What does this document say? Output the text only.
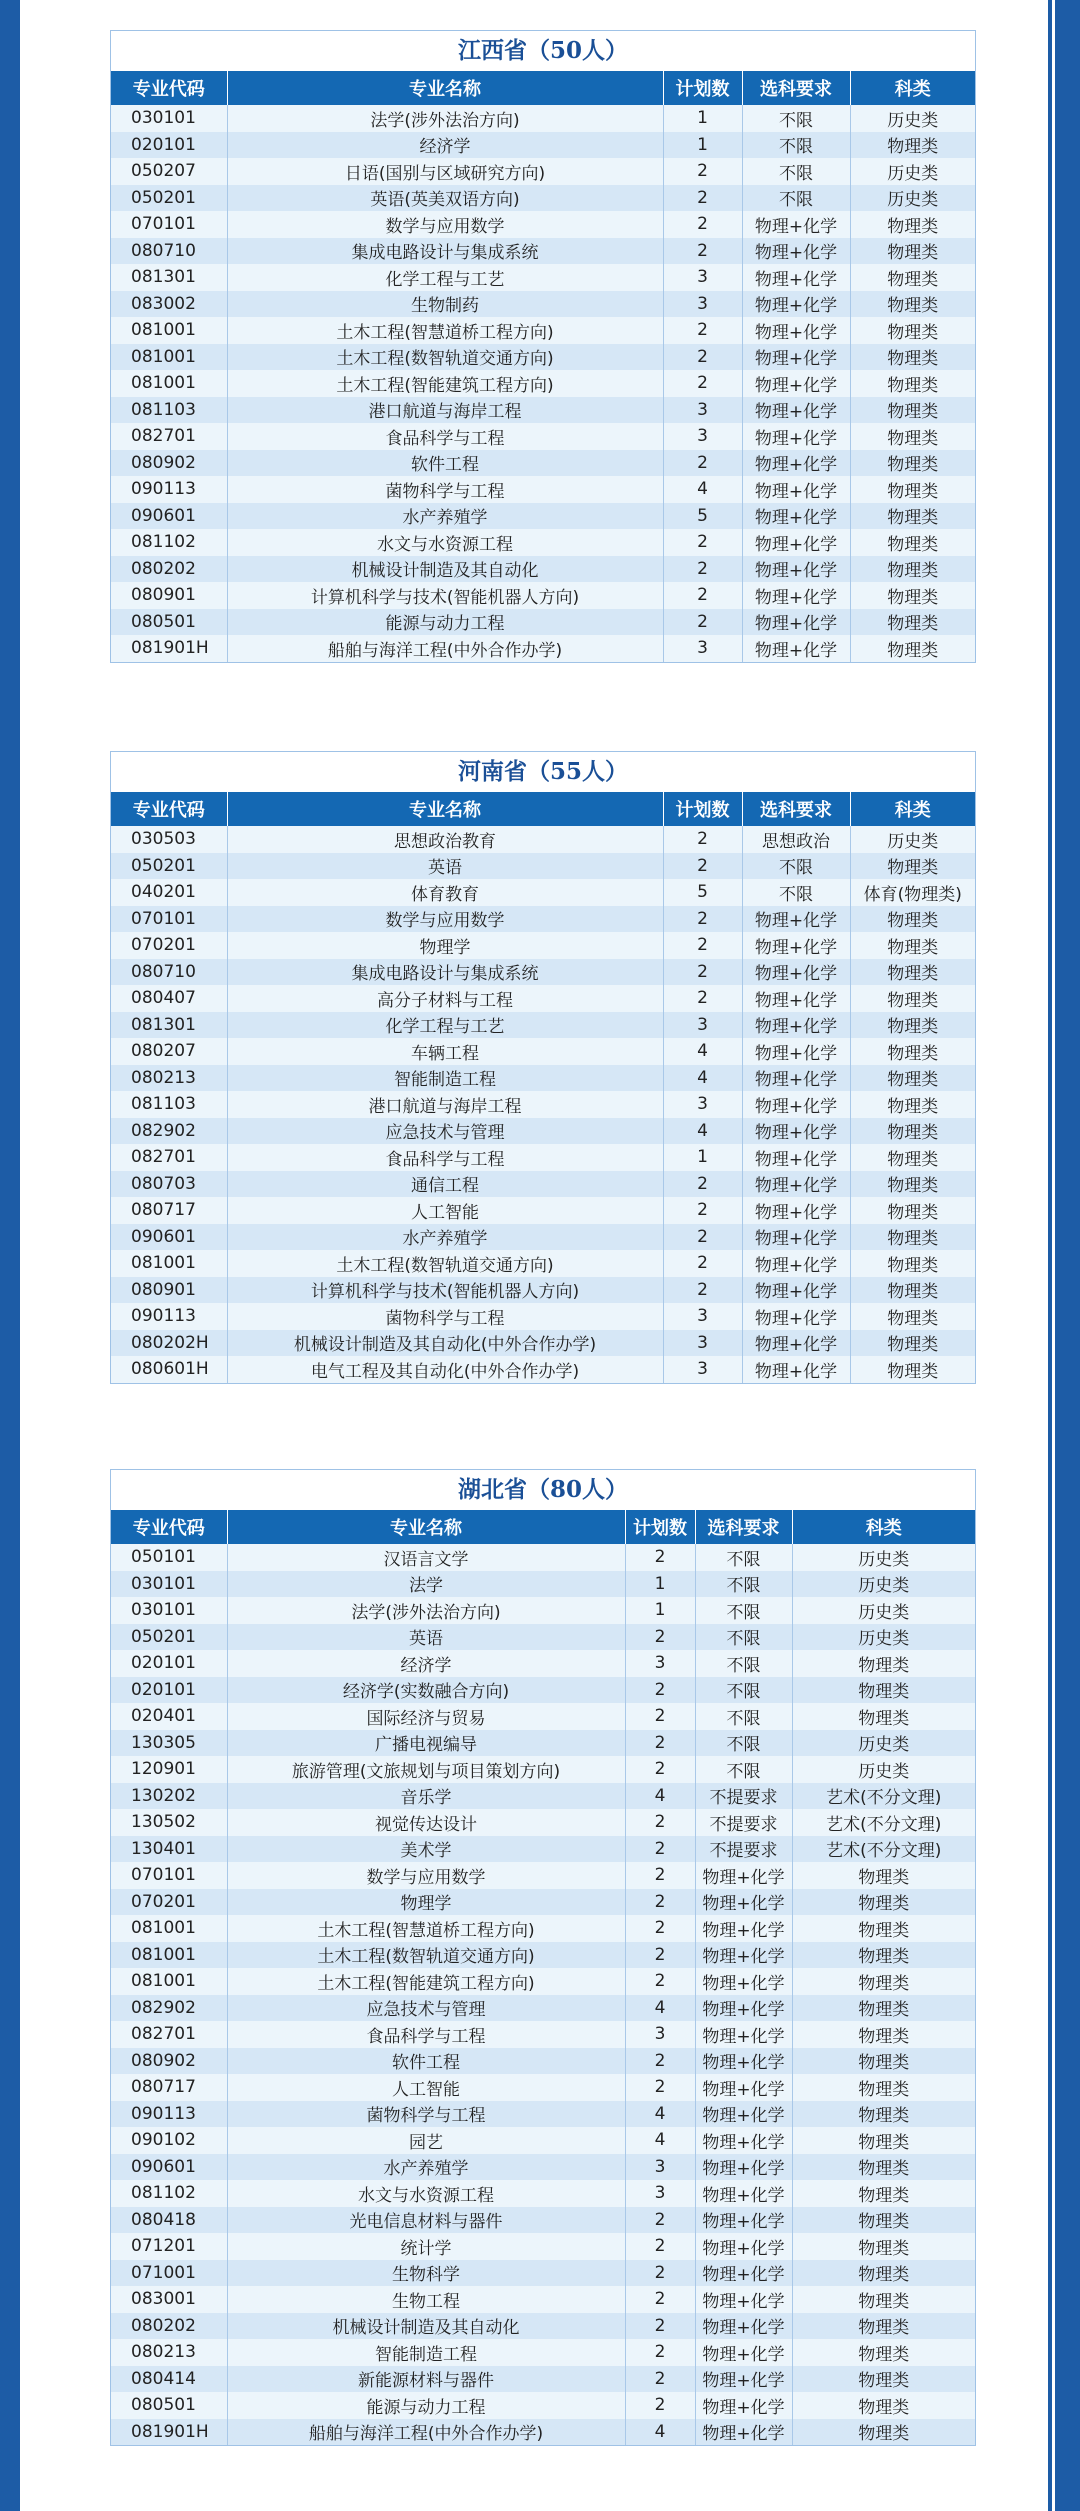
江西省（50人）
专业代码	专业名称	计划数	选科要求	科类
030101	法学(涉外法治方向)	1	不限	历史类
020101	经济学	1	不限	物理类
050207	日语(国别与区域研究方向)	2	不限	历史类
050201	英语(英美双语方向)	2	不限	历史类
070101	数学与应用数学	2	物理+化学	物理类
080710	集成电路设计与集成系统	2	物理+化学	物理类
081301	化学工程与工艺	3	物理+化学	物理类
083002	生物制药	3	物理+化学	物理类
081001	土木工程(智慧道桥工程方向)	2	物理+化学	物理类
081001	土木工程(数智轨道交通方向)	2	物理+化学	物理类
081001	土木工程(智能建筑工程方向)	2	物理+化学	物理类
081103	港口航道与海岸工程	3	物理+化学	物理类
082701	食品科学与工程	3	物理+化学	物理类
080902	软件工程	2	物理+化学	物理类
090113	菌物科学与工程	4	物理+化学	物理类
090601	水产养殖学	5	物理+化学	物理类
081102	水文与水资源工程	2	物理+化学	物理类
080202	机械设计制造及其自动化	2	物理+化学	物理类
080901	计算机科学与技术(智能机器人方向)	2	物理+化学	物理类
080501	能源与动力工程	2	物理+化学	物理类
081901H	船舶与海洋工程(中外合作办学)	3	物理+化学	物理类
河南省（55人）
专业代码	专业名称	计划数	选科要求	科类
030503	思想政治教育	2	思想政治	历史类
050201	英语	2	不限	物理类
040201	体育教育	5	不限	体育(物理类)
070101	数学与应用数学	2	物理+化学	物理类
070201	物理学	2	物理+化学	物理类
080710	集成电路设计与集成系统	2	物理+化学	物理类
080407	高分子材料与工程	2	物理+化学	物理类
081301	化学工程与工艺	3	物理+化学	物理类
080207	车辆工程	4	物理+化学	物理类
080213	智能制造工程	4	物理+化学	物理类
081103	港口航道与海岸工程	3	物理+化学	物理类
082902	应急技术与管理	4	物理+化学	物理类
082701	食品科学与工程	1	物理+化学	物理类
080703	通信工程	2	物理+化学	物理类
080717	人工智能	2	物理+化学	物理类
090601	水产养殖学	2	物理+化学	物理类
081001	土木工程(数智轨道交通方向)	2	物理+化学	物理类
080901	计算机科学与技术(智能机器人方向)	2	物理+化学	物理类
090113	菌物科学与工程	3	物理+化学	物理类
080202H	机械设计制造及其自动化(中外合作办学)	3	物理+化学	物理类
080601H	电气工程及其自动化(中外合作办学)	3	物理+化学	物理类
湖北省（80人）
专业代码	专业名称	计划数	选科要求	科类
050101	汉语言文学	2	不限	历史类
030101	法学	1	不限	历史类
030101	法学(涉外法治方向)	1	不限	历史类
050201	英语	2	不限	历史类
020101	经济学	3	不限	物理类
020101	经济学(实数融合方向)	2	不限	物理类
020401	国际经济与贸易	2	不限	物理类
130305	广播电视编导	2	不限	历史类
120901	旅游管理(文旅规划与项目策划方向)	2	不限	历史类
130202	音乐学	4	不提要求	艺术(不分文理)
130502	视觉传达设计	2	不提要求	艺术(不分文理)
130401	美术学	2	不提要求	艺术(不分文理)
070101	数学与应用数学	2	物理+化学	物理类
070201	物理学	2	物理+化学	物理类
081001	土木工程(智慧道桥工程方向)	2	物理+化学	物理类
081001	土木工程(数智轨道交通方向)	2	物理+化学	物理类
081001	土木工程(智能建筑工程方向)	2	物理+化学	物理类
082902	应急技术与管理	4	物理+化学	物理类
082701	食品科学与工程	3	物理+化学	物理类
080902	软件工程	2	物理+化学	物理类
080717	人工智能	2	物理+化学	物理类
090113	菌物科学与工程	4	物理+化学	物理类
090102	园艺	4	物理+化学	物理类
090601	水产养殖学	3	物理+化学	物理类
081102	水文与水资源工程	3	物理+化学	物理类
080418	光电信息材料与器件	2	物理+化学	物理类
071201	统计学	2	物理+化学	物理类
071001	生物科学	2	物理+化学	物理类
083001	生物工程	2	物理+化学	物理类
080202	机械设计制造及其自动化	2	物理+化学	物理类
080213	智能制造工程	2	物理+化学	物理类
080414	新能源材料与器件	2	物理+化学	物理类
080501	能源与动力工程	2	物理+化学	物理类
081901H	船舶与海洋工程(中外合作办学)	4	物理+化学	物理类
